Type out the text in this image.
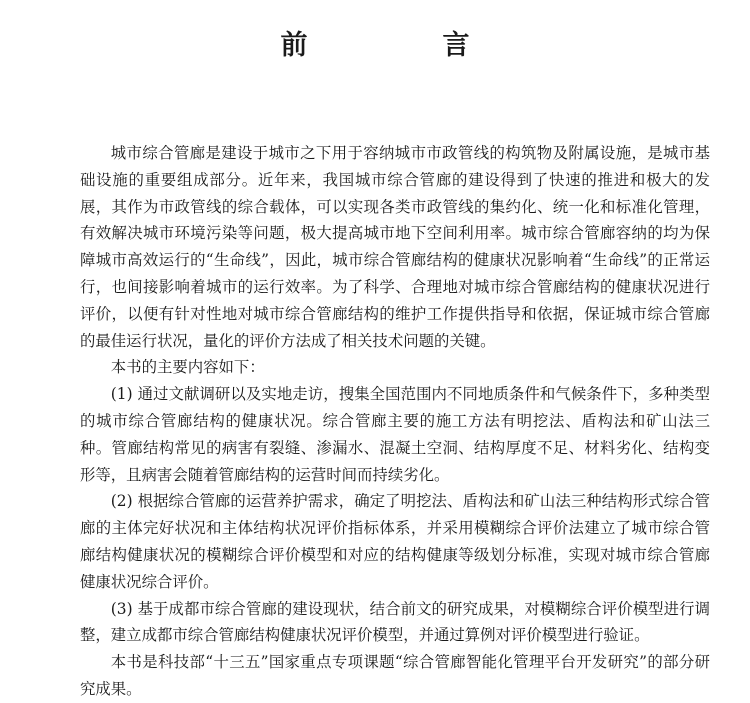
前　言

城市综合管廊是建设于城市之下用于容纳城市市政管线的构筑物及附属设施，是城市基础设施的重要组成部分。近年来，我国城市综合管廊的建设得到了快速的推进和极大的发展，其作为市政管线的综合载体，可以实现各类市政管线的集约化、统一化和标准化管理，有效解决城市环境污染等问题，极大提高城市地下空间利用率。城市综合管廊容纳的均为保障城市高效运行的“生命线”，因此，城市综合管廊结构的健康状况影响着“生命线”的正常运行，也间接影响着城市的运行效率。为了科学、合理地对城市综合管廊结构的健康状况进行评价，以便有针对性地对城市综合管廊结构的维护工作提供指导和依据，保证城市综合管廊的最佳运行状况，量化的评价方法成了相关技术问题的关键。

本书的主要内容如下：

(1) 通过文献调研以及实地走访，搜集全国范围内不同地质条件和气候条件下，多种类型的城市综合管廊结构的健康状况。综合管廊主要的施工方法有明挖法、盾构法和矿山法三种。管廊结构常见的病害有裂缝、渗漏水、混凝土空洞、结构厚度不足、材料劣化、结构变形等，且病害会随着管廊结构的运营时间而持续劣化。

(2) 根据综合管廊的运营养护需求，确定了明挖法、盾构法和矿山法三种结构形式综合管廊的主体完好状况和主体结构状况评价指标体系，并采用模糊综合评价法建立了城市综合管廊结构健康状况的模糊综合评价模型和对应的结构健康等级划分标准，实现对城市综合管廊健康状况综合评价。

(3) 基于成都市综合管廊的建设现状，结合前文的研究成果，对模糊综合评价模型进行调整，建立成都市综合管廊结构健康状况评价模型，并通过算例对评价模型进行验证。

本书是科技部“十三五”国家重点专项课题“综合管廊智能化管理平台开发研究”的部分研究成果。
